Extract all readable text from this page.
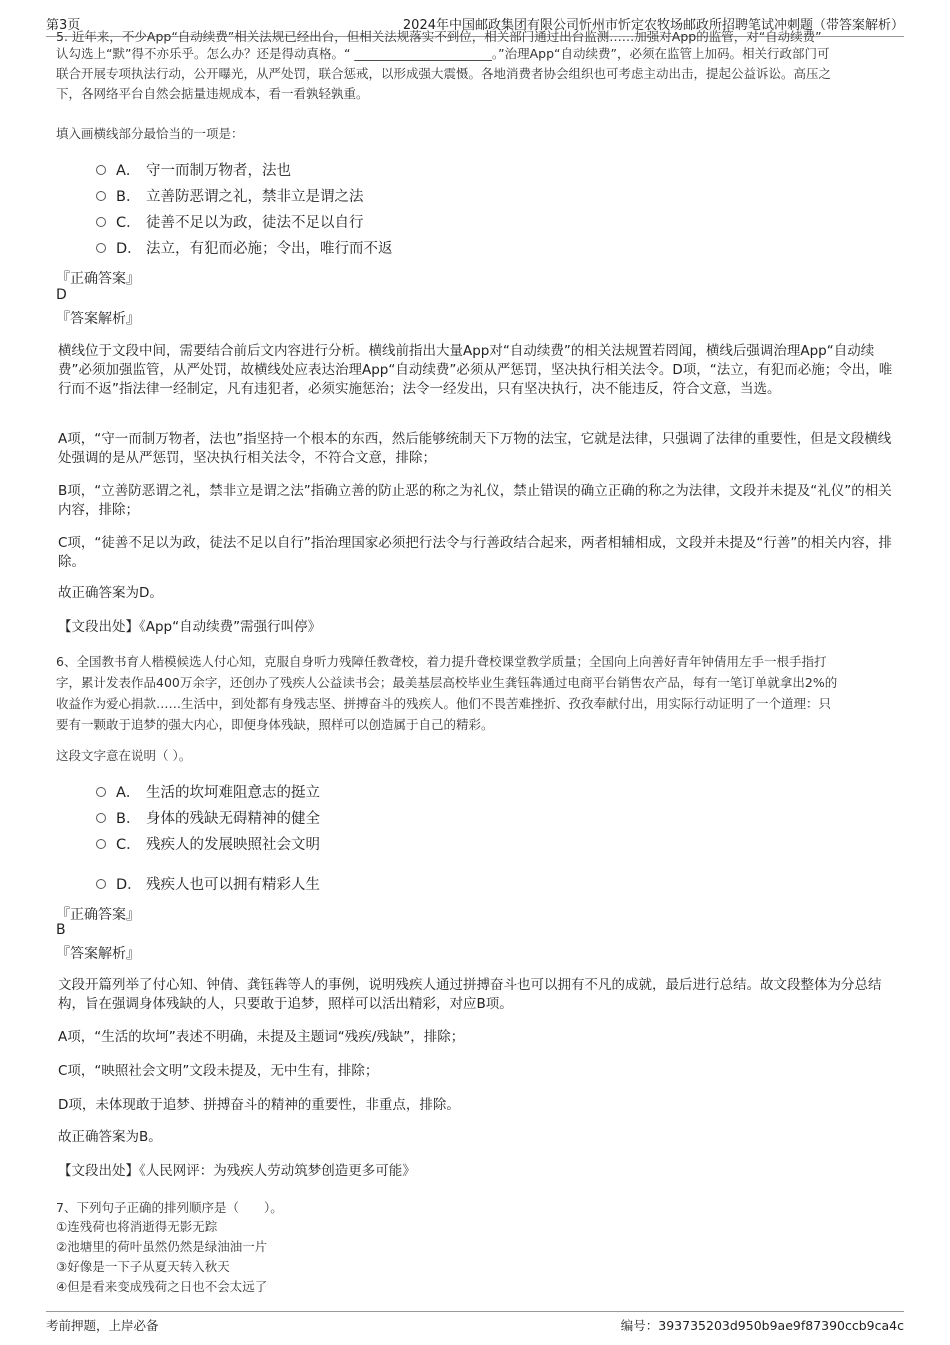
第3页	2024年中国邮政集团有限公司忻州市忻定农牧场邮政所招聘笔试冲刺题（带答案解析）
5. 近年来，不少App“自动续费”相关法规已经出台，但相关法规落实不到位，相关部门通过出台监测……加强对App的监管，对“自动续费”
认勾选上“默”得不亦乐乎。怎么办？还是得动真格。“ ______________________。”治理App“自动续费”，必须在监管上加码。相关行政部门可
联合开展专项执法行动，公开曝光，从严处罚，联合惩戒，以形成强大震慑。各地消费者协会组织也可考虑主动出击，提起公益诉讼。高压之
下，各网络平台自然会掂量违规成本，看一看孰轻孰重。
填入画横线部分最恰当的一项是：
A． 守一而制万物者，法也
B． 立善防恶谓之礼，禁非立是谓之法
C． 徒善不足以为政，徒法不足以自行
D． 法立，有犯而必施；令出，唯行而不返
『正确答案』
D
『答案解析』
横线位于文段中间，需要结合前后文内容进行分析。横线前指出大量App对“自动续费”的相关法规置若罔闻，横线后强调治理App“自动续费”必须加强监管，从严处罚，故横线处应表达治理App“自动续费”必须从严惩罚，坚决执行相关法令。D项，“法立，有犯而必施；令出，唯行而不返”指法律一经制定，凡有违犯者，必须实施惩治；法令一经发出，只有坚决执行，决不能违反，符合文意，当选。
A项，“守一而制万物者，法也”指坚持一个根本的东西，然后能够统制天下万物的法宝，它就是法律，只强调了法律的重要性，但是文段横线处强调的是从严惩罚，坚决执行相关法令，不符合文意，排除；
B项，“立善防恶谓之礼，禁非立是谓之法”指确立善的防止恶的称之为礼仪，禁止错误的确立正确的称之为法律，文段并未提及“礼仪”的相关内容，排除；
C项，“徒善不足以为政，徒法不足以自行”指治理国家必须把行法令与行善政结合起来，两者相辅相成，文段并未提及“行善”的相关内容，排除。
故正确答案为D。
【文段出处】《App“自动续费”需强行叫停》
6、全国教书育人楷模候选人付心知，克服自身听力残障任教聋校，着力提升聋校课堂教学质量；全国向上向善好青年钟倩用左手一根手指打
字，累计发表作品400万余字，还创办了残疾人公益读书会；最美基层高校毕业生龚钰犇通过电商平台销售农产品，每有一笔订单就拿出2%的
收益作为爱心捐款……生活中，到处都有身残志坚、拼搏奋斗的残疾人。他们不畏苦难挫折、孜孜奉献付出，用实际行动证明了一个道理：只
要有一颗敢于追梦的强大内心，即便身体残缺，照样可以创造属于自己的精彩。
这段文字意在说明（ ）。
A． 生活的坎坷难阻意志的挺立
B． 身体的残缺无碍精神的健全
C． 残疾人的发展映照社会文明
D． 残疾人也可以拥有精彩人生
『正确答案』
B
『答案解析』
文段开篇列举了付心知、钟倩、龚钰犇等人的事例，说明残疾人通过拼搏奋斗也可以拥有不凡的成就，最后进行总结。故文段整体为分总结构，旨在强调身体残缺的人，只要敢于追梦，照样可以活出精彩，对应B项。
A项，“生活的坎坷”表述不明确，未提及主题词“残疾/残缺”，排除；
C项，“映照社会文明”文段未提及，无中生有，排除；
D项，未体现敢于追梦、拼搏奋斗的精神的重要性，非重点，排除。
故正确答案为B。
【文段出处】《人民网评：为残疾人劳动筑梦创造更多可能》
7、下列句子正确的排列顺序是（　　）。
①连残荷也将消逝得无影无踪
②池塘里的荷叶虽然仍然是绿油油一片
③好像是一下子从夏天转入秋天
④但是看来变成残荷之日也不会太远了
考前押题，上岸必备	编号：393735203d950b9ae9f87390ccb9ca4c
